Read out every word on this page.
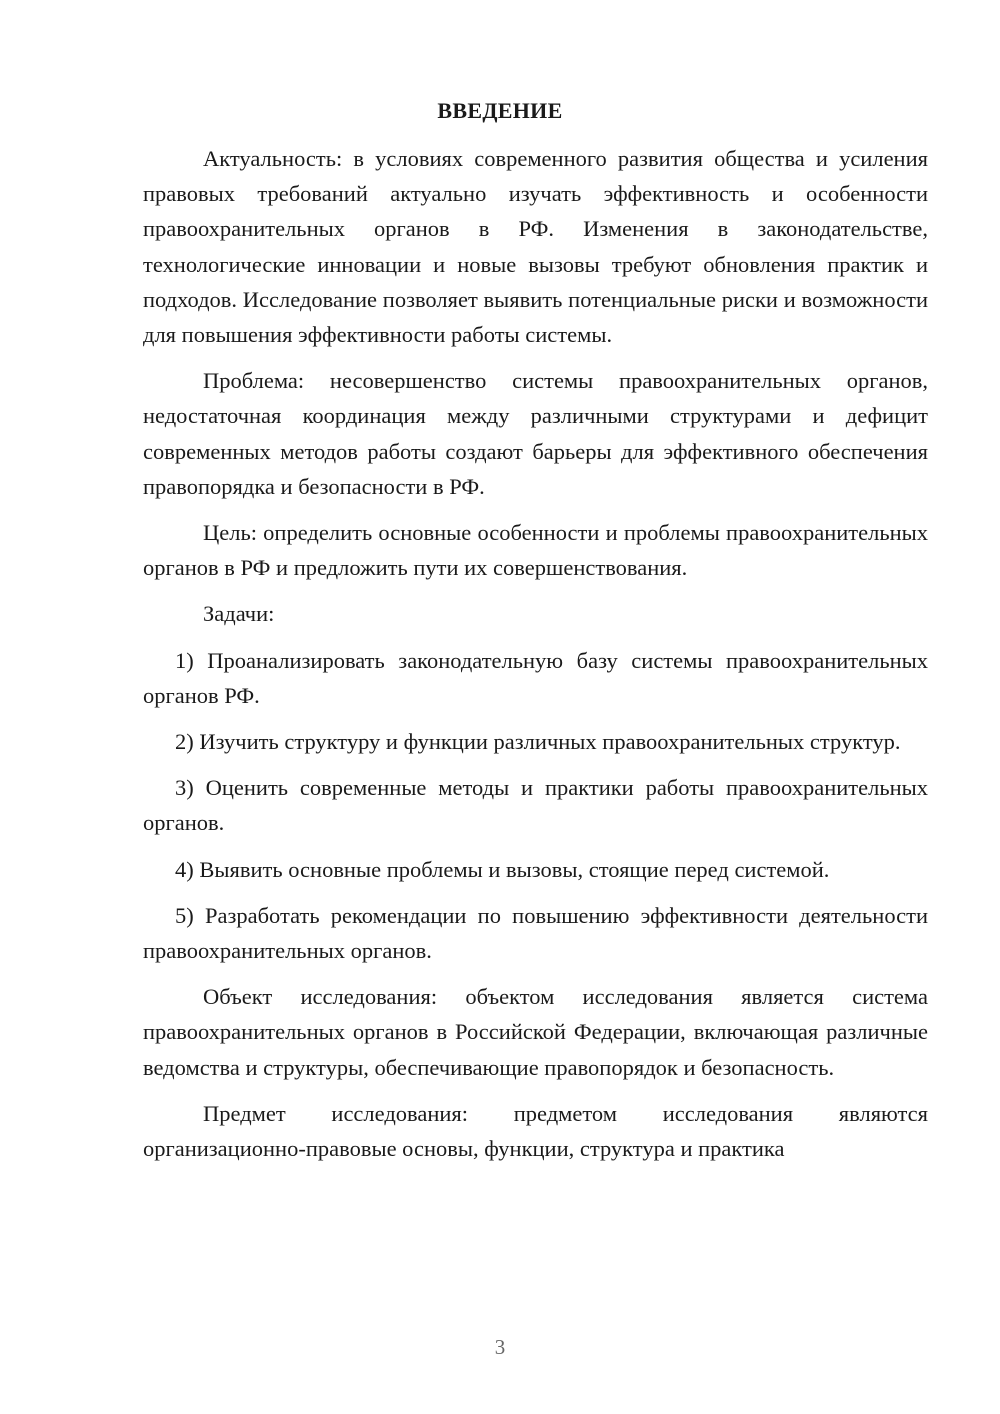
ВВЕДЕНИЕ

Актуальность: в условиях современного развития общества и усиления правовых требований актуально изучать эффективность и особенности правоохранительных органов в РФ. Изменения в законодательстве, технологические инновации и новые вызовы требуют обновления практик и подходов. Исследование позволяет выявить потенциальные риски и возможности для повышения эффективности работы системы.

Проблема: несовершенство системы правоохранительных органов, недостаточная координация между различными структурами и дефицит современных методов работы создают барьеры для эффективного обеспечения правопорядка и безопасности в РФ.

Цель: определить основные особенности и проблемы правоохранительных органов в РФ и предложить пути их совершенствования.

Задачи:

1) Проанализировать законодательную базу системы правоохранительных органов РФ.

2) Изучить структуру и функции различных правоохранительных структур.

3) Оценить современные методы и практики работы правоохранительных органов.

4) Выявить основные проблемы и вызовы, стоящие перед системой.

5) Разработать рекомендации по повышению эффективности деятельности правоохранительных органов.

Объект исследования: объектом исследования является система правоохранительных органов в Российской Федерации, включающая различные ведомства и структуры, обеспечивающие правопорядок и безопасность.

Предмет исследования: предметом исследования являются организационно-правовые основы, функции, структура и практика

3
